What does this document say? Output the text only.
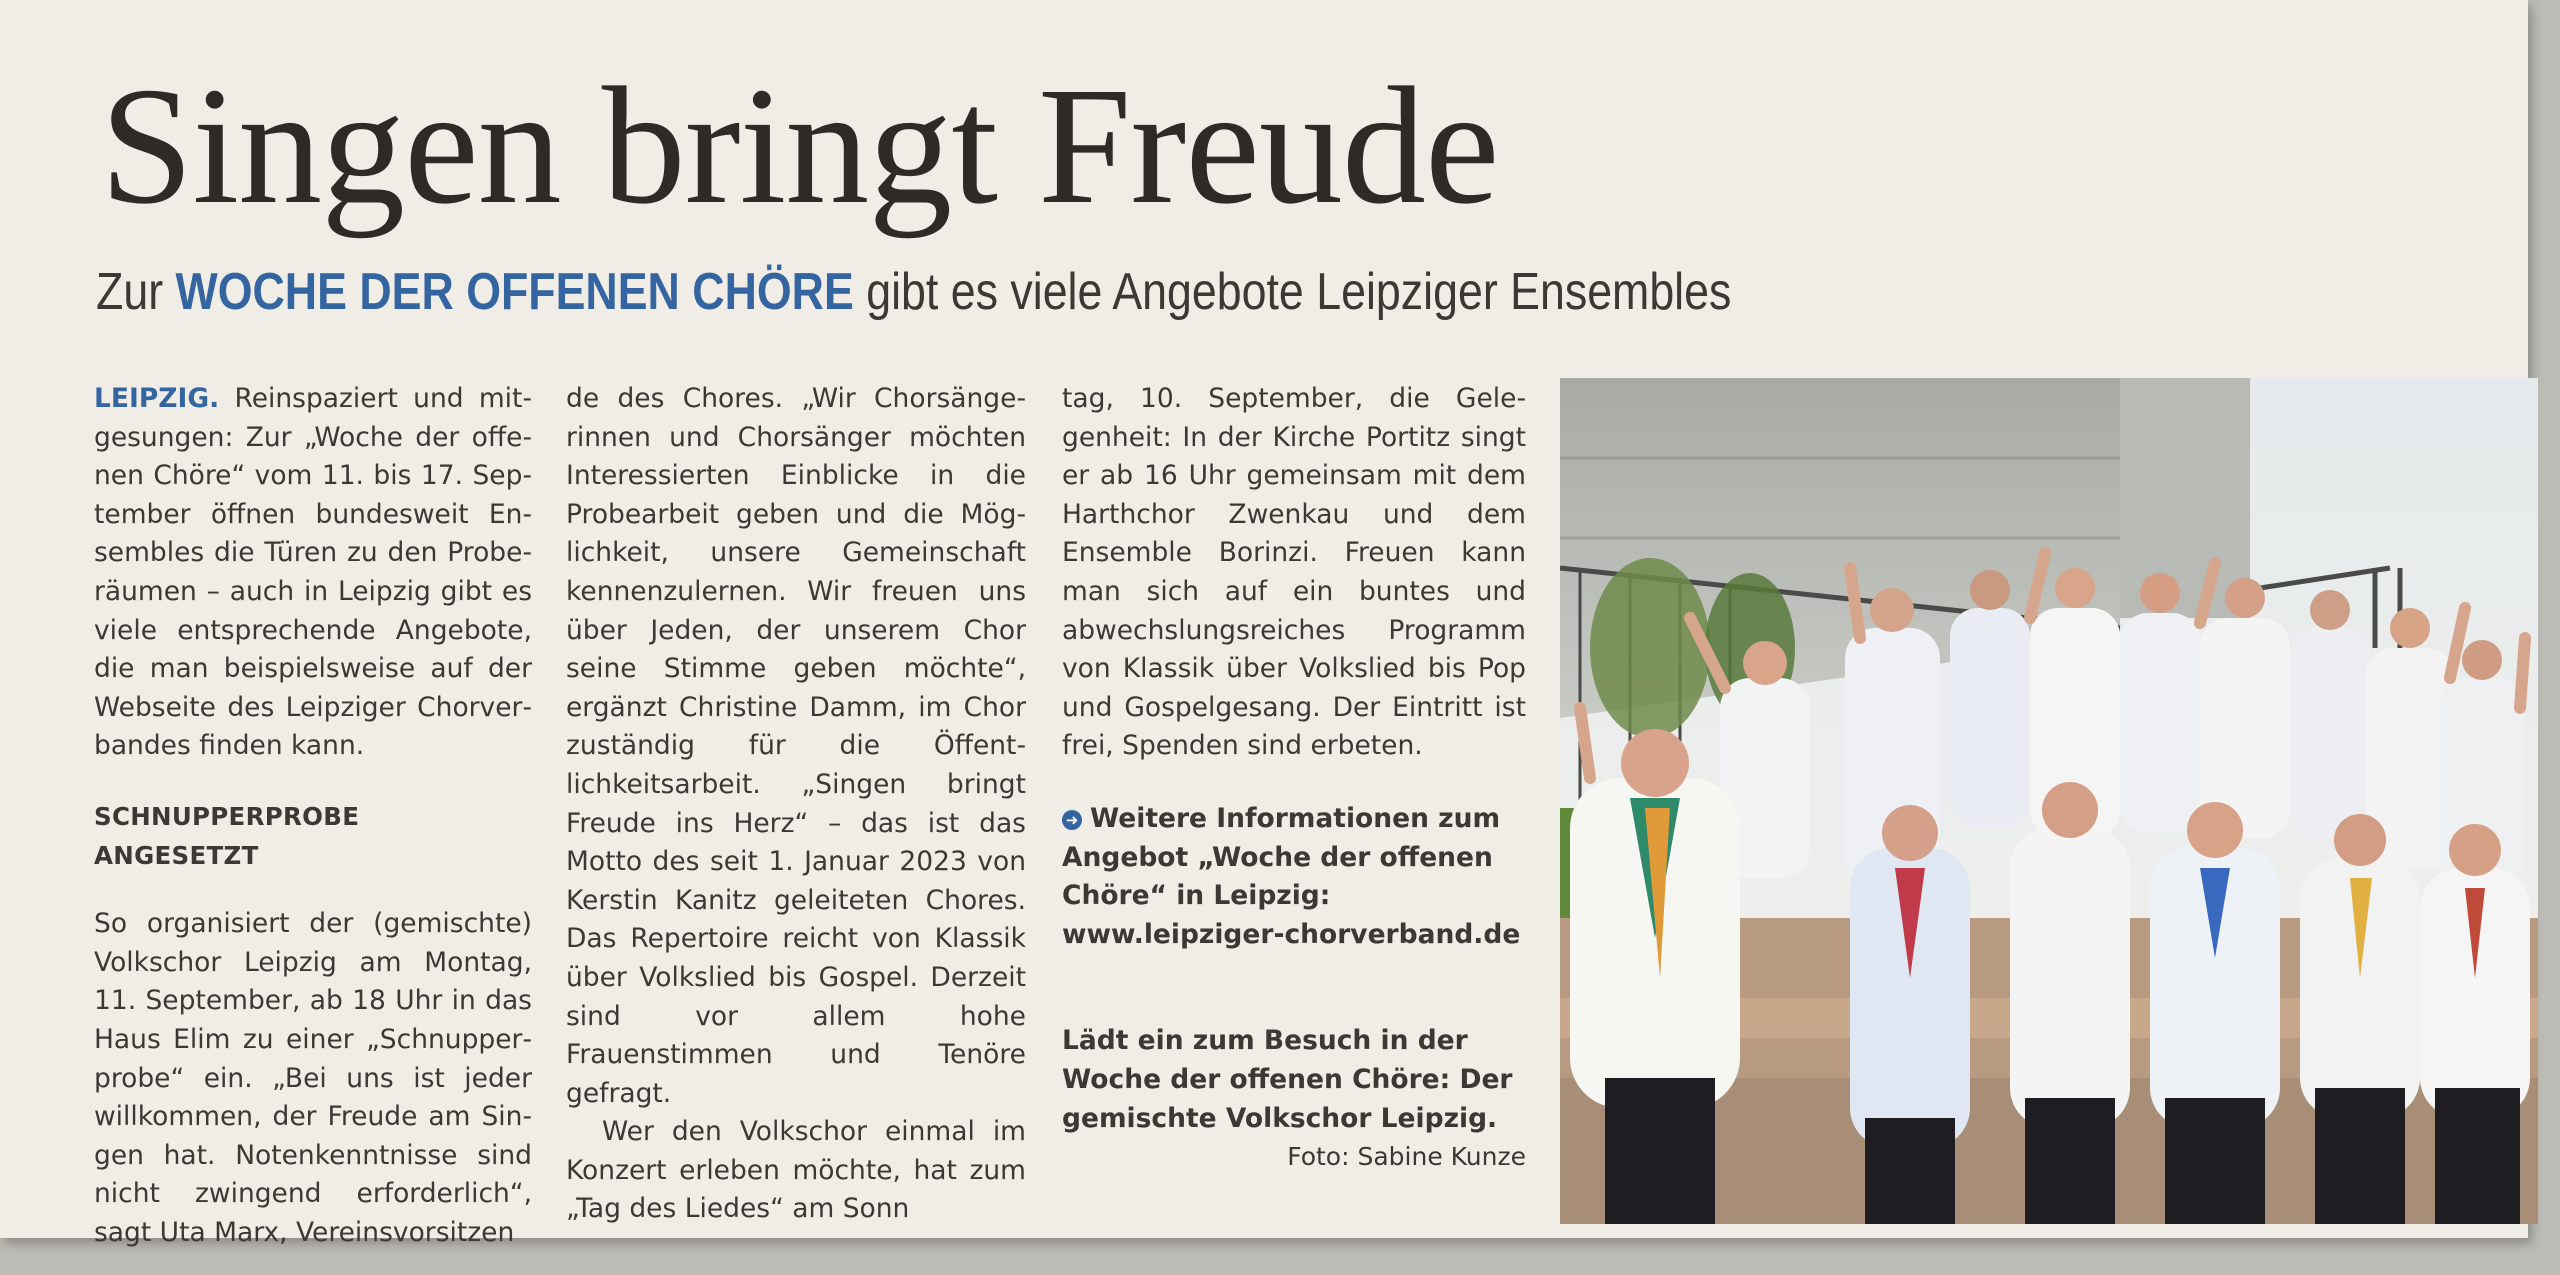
Singen bringt Freude
Zur WOCHE DER OFFENEN CHÖRE gibt es viele Angebote Leipziger Ensembles

LEIPZIG. Reinspaziert und mitgesungen: Zur „Woche der offenen Chöre“ vom 11. bis 17. September öffnen bundesweit Ensembles die Türen zu den Proberäumen – auch in Leipzig gibt es viele entsprechende Angebote, die man beispielsweise auf der Webseite des Leipziger Chorverbandes finden kann.

SCHNUPPERPROBE ANGESETZT

So organisiert der (gemischte) Volkschor Leipzig am Montag, 11. September, ab 18 Uhr in das Haus Elim zu einer „Schnupperprobe“ ein. „Bei uns ist jeder willkommen, der Freude am Singen hat. Notenkenntnisse sind nicht zwingend erforderlich“, sagt Uta Marx, Vereinsvorsitzen

de des Chores. „Wir Chorsängerinnen und Chorsänger möchten Interessierten Einblicke in die Probearbeit geben und die Möglichkeit, unsere Gemeinschaft kennenzulernen. Wir freuen uns über Jeden, der unserem Chor seine Stimme geben möchte“, ergänzt Christine Damm, im Chor zuständig für die Öffentlichkeitsarbeit. „Singen bringt Freude ins Herz“ – das ist das Motto des seit 1. Januar 2023 von Kerstin Kanitz geleiteten Chores. Das Repertoire reicht von Klassik über Volkslied bis Gospel. Derzeit sind vor allem hohe Frauenstimmen und Tenöre gefragt.

Wer den Volkschor einmal im Konzert erleben möchte, hat zum „Tag des Liedes“ am Sonn

tag, 10. September, die Gelegenheit: In der Kirche Portitz singt er ab 16 Uhr gemeinsam mit dem Harthchor Zwenkau und dem Ensemble Borinzi. Freuen kann man sich auf ein buntes und abwechslungsreiches Programm von Klassik über Volkslied bis Pop und Gospelgesang. Der Eintritt ist frei, Spenden sind erbeten.

➜ Weitere Informationen zum Angebot „Woche der offenen Chöre“ in Leipzig:
www.leipziger-chorverband.de

Lädt ein zum Besuch in der Woche der offenen Chöre: Der gemischte Volkschor Leipzig.

Foto: Sabine Kunze
